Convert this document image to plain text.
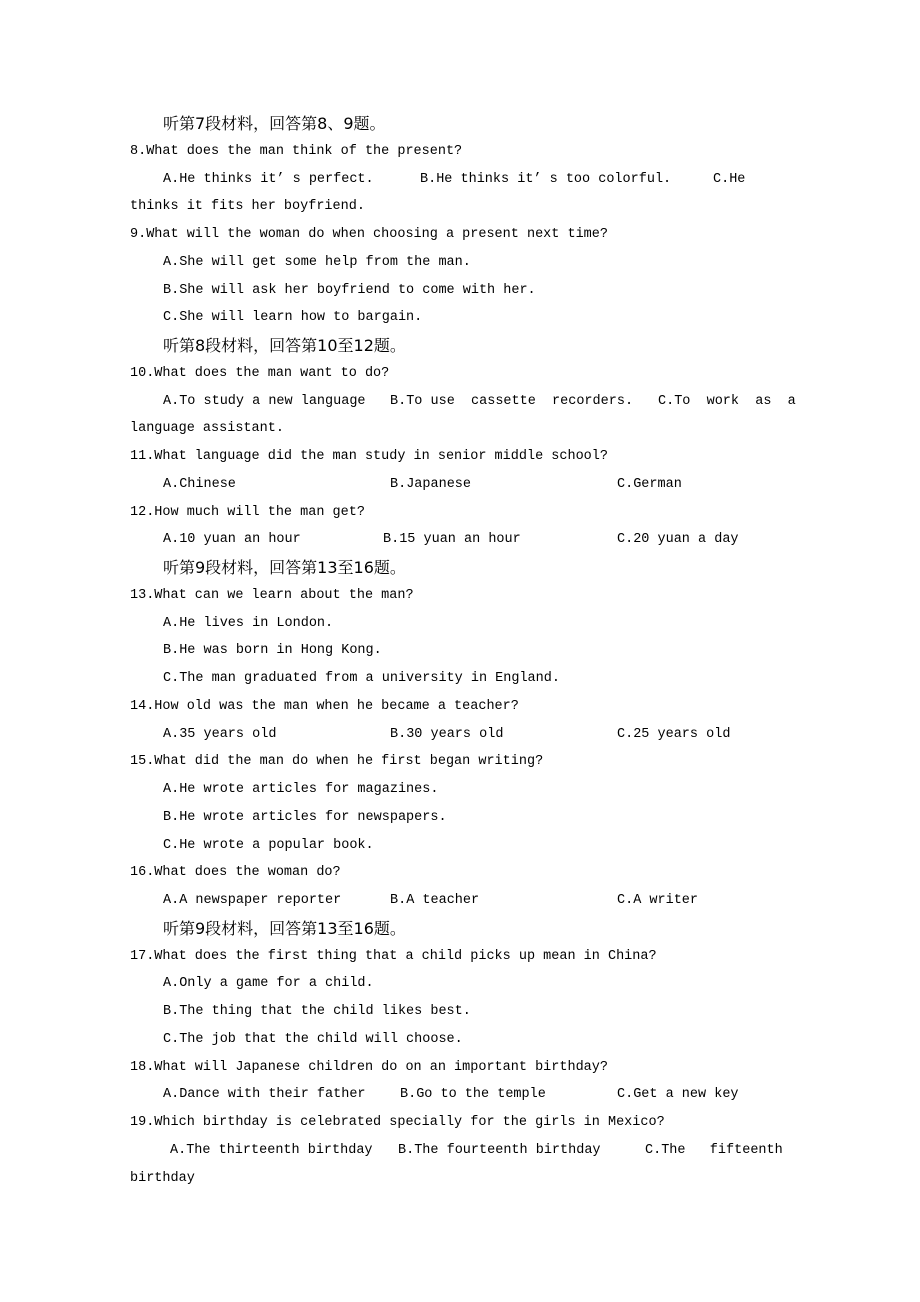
听第7段材料，回答第8、9题。
8.What does the man think of the present?
A.He thinks it’ s perfect.	B.He thinks it’ s too colorful.	C.He
thinks it fits her boyfriend.
9.What will the woman do when choosing a present next time?
A.She will get some help from the man.
B.She will ask her boyfriend to come with her.
C.She will learn how to bargain.
听第8段材料，回答第10至12题。
10.What does the man want to do?
A.To study a new language B.To use  cassette  recorders. C.To  work  as  a
language assistant.
11.What language did the man study in senior middle school?
A.Chinese	B.Japanese	C.German
12.How much will the man get?
A.10 yuan an hour	B.15 yuan an hour	C.20 yuan a day
听第9段材料，回答第13至16题。
13.What can we learn about the man?
A.He lives in London.
B.He was born in Hong Kong.
C.The man graduated from a university in England.
14.How old was the man when he became a teacher?
A.35 years old	B.30 years old	C.25 years old
15.What did the man do when he first began writing?
A.He wrote articles for magazines.
B.He wrote articles for newspapers.
C.He wrote a popular book.
16.What does the woman do?
A.A newspaper reporter	B.A teacher	C.A writer
听第9段材料，回答第13至16题。
17.What does the first thing that a child picks up mean in China?
A.Only a game for a child.
B.The thing that the child likes best.
C.The job that the child will choose.
18.What will Japanese children do on an important birthday?
A.Dance with their father	B.Go to the temple	C.Get a new key
19.Which birthday is celebrated specially for the girls in Mexico?
A.The thirteenth birthday B.The fourteenth birthday	C.The   fifteenth
birthday
